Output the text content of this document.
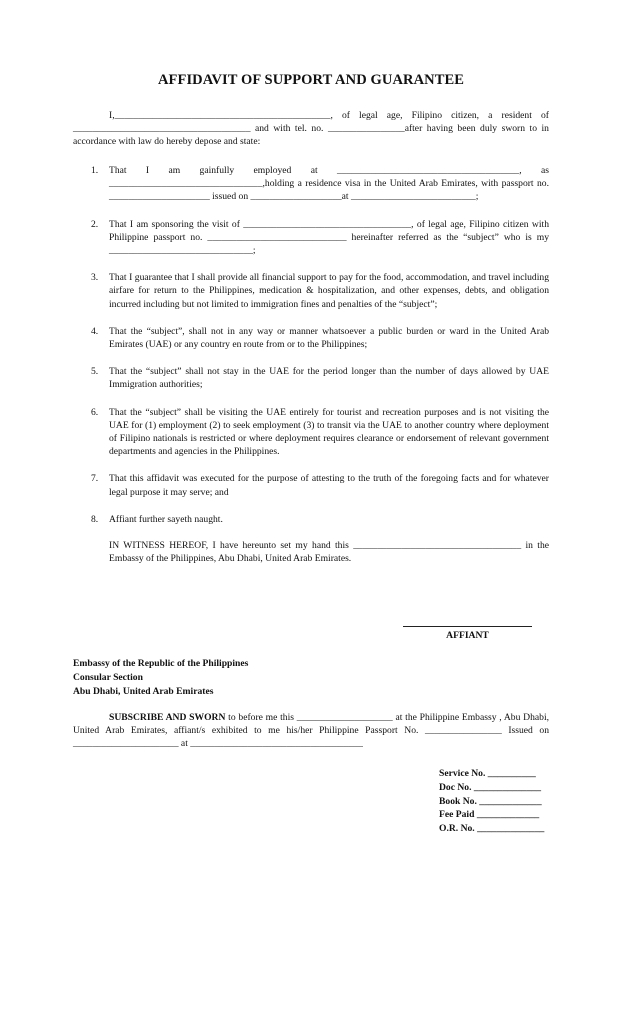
AFFIDAVIT OF SUPPORT AND GUARANTEE
I,_____________________________________________, of legal age, Filipino citizen, a resident of _____________________________________ and with tel. no. ________________after having been duly sworn to in accordance with law do hereby depose and state:
1. That I am gainfully employed at ______________________________________, as ________________________________,holding a residence visa in the United Arab Emirates, with passport no. _____________________ issued on ___________________at __________________________;
2. That I am sponsoring the visit of ___________________________________, of legal age, Filipino citizen with Philippine passport no. _____________________________ hereinafter referred as the “subject” who is my ______________________________;
3. That I guarantee that I shall provide all financial support to pay for the food, accommodation, and travel including airfare for return to the Philippines, medication & hospitalization, and other expenses, debts, and obligation incurred including but not limited to immigration fines and penalties of the “subject”;
4. That the “subject”, shall not in any way or manner whatsoever a public burden or ward in the United Arab Emirates (UAE) or any country en route from or to the Philippines;
5. That the “subject” shall not stay in the UAE for the period longer than the number of days allowed by UAE Immigration authorities;
6. That the “subject” shall be visiting the UAE entirely for tourist and recreation purposes and is not visiting the UAE for (1) employment (2) to seek employment (3) to transit via the UAE to another country where deployment of Filipino nationals is restricted or where deployment requires clearance or endorsement of relevant government departments and agencies in the Philippines.
7. That this affidavit was executed for the purpose of attesting to the truth of the foregoing facts and for whatever legal purpose it may serve; and
8. Affiant further sayeth naught.
IN WITNESS HEREOF, I have hereunto set my hand this ___________________________________ in the Embassy of the Philippines, Abu Dhabi, United Arab Emirates.
AFFIANT
Embassy of the Republic of the Philippines
Consular Section
Abu Dhabi, United Arab Emirates
SUBSCRIBE AND SWORN to before me this ____________________ at the Philippine Embassy , Abu Dhabi, United Arab Emirates, affiant/s exhibited to me his/her Philippine Passport No. ________________ Issued on ______________________ at ____________________________________
Service No. __________
Doc No. ______________
Book No. _____________
Fee Paid _____________
O.R. No. ______________
